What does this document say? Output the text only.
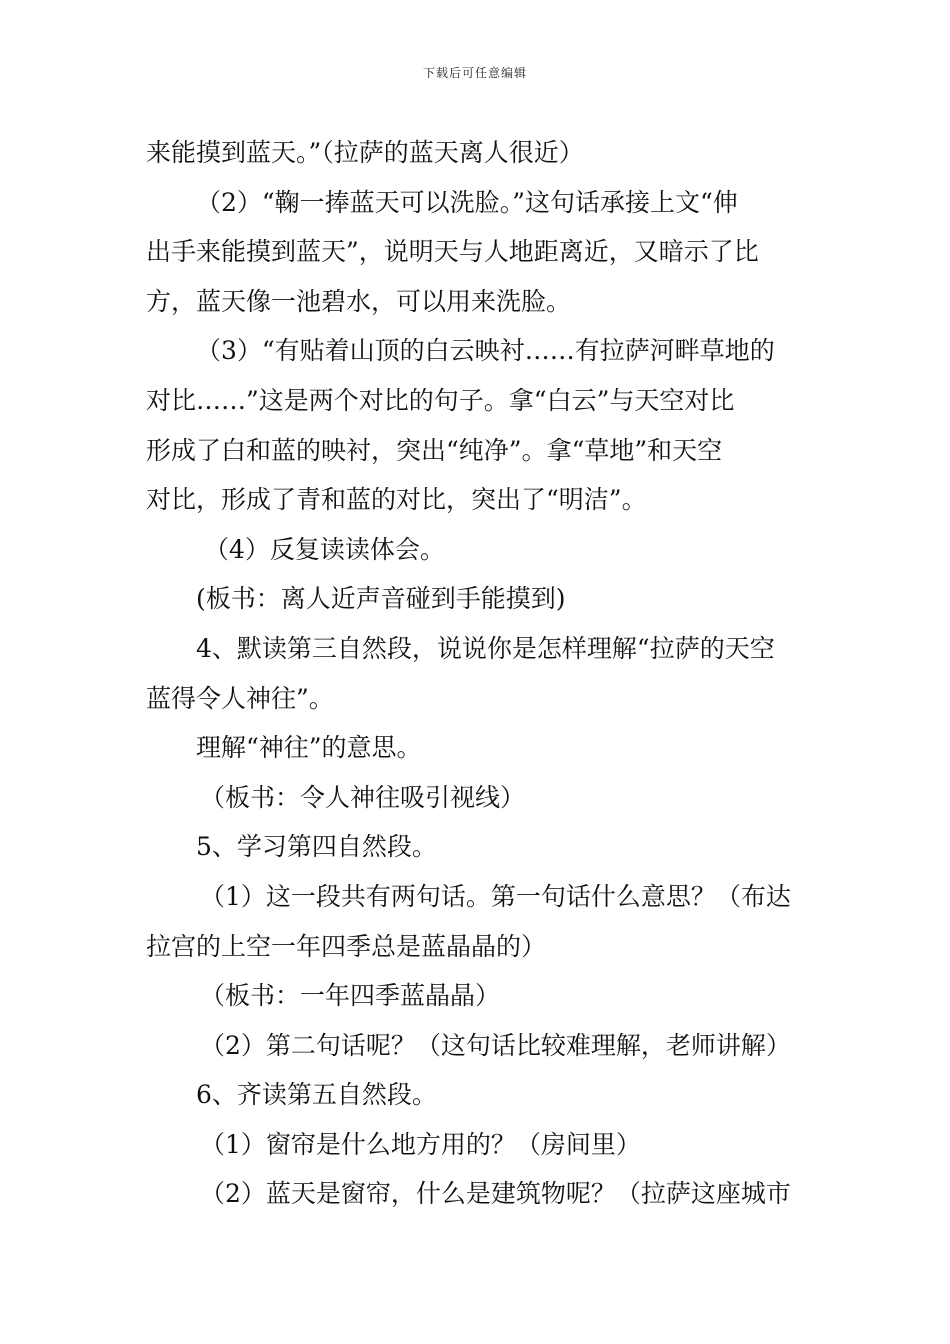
下载后可任意编辑
来能摸到蓝天。”（拉萨的蓝天离人很近）
（2）“鞠一捧蓝天可以洗脸。”这句话承接上文“伸
出手来能摸到蓝天”，说明天与人地距离近，又暗示了比
方，蓝天像一池碧水，可以用来洗脸。
（3）“有贴着山顶的白云映衬……有拉萨河畔草地的
对比……”这是两个对比的句子。拿“白云”与天空对比
形成了白和蓝的映衬，突出“纯净”。拿“草地”和天空
对比，形成了青和蓝的对比，突出了“明洁”。
（4）反复读读体会。
(板书：离人近声音碰到手能摸到)
4、默读第三自然段，说说你是怎样理解“拉萨的天空
蓝得令人神往”。
理解“神往”的意思。
（板书：令人神往吸引视线）
5、学习第四自然段。
（1）这一段共有两句话。第一句话什么意思？（布达
拉宫的上空一年四季总是蓝晶晶的）
（板书：一年四季蓝晶晶）
（2）第二句话呢？（这句话比较难理解，老师讲解）
6、齐读第五自然段。
（1）窗帘是什么地方用的？（房间里）
（2）蓝天是窗帘，什么是建筑物呢？（拉萨这座城市
